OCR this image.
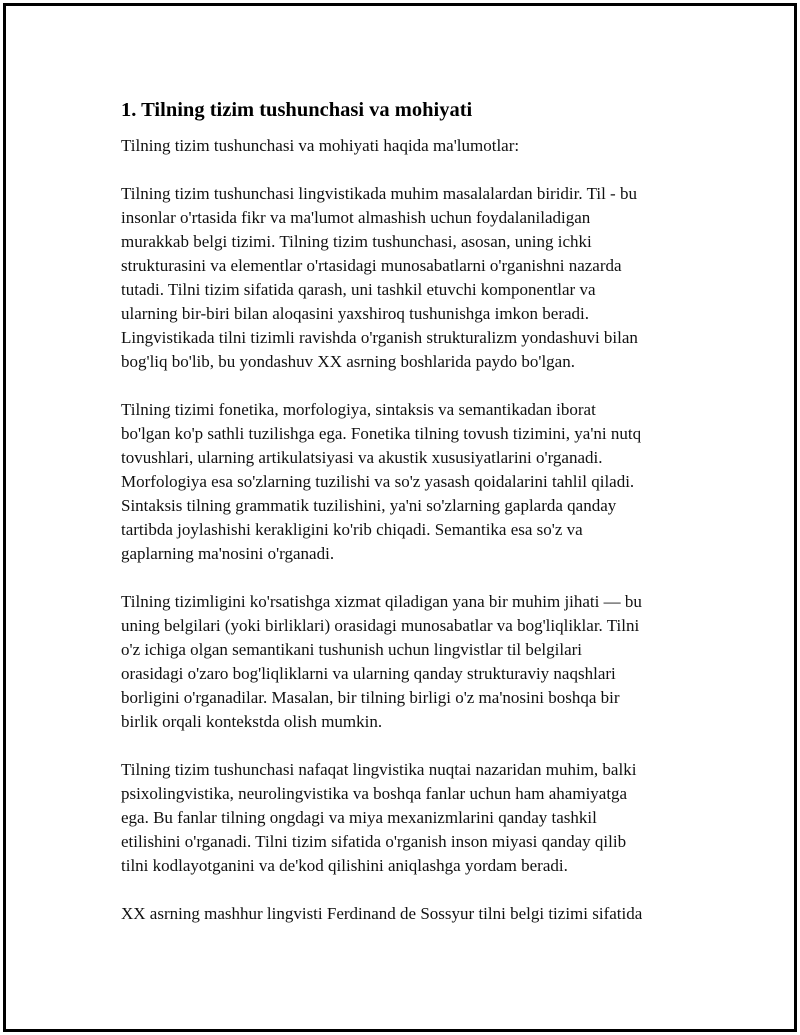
1. Tilning tizim tushunchasi va mohiyati

Tilning tizim tushunchasi va mohiyati haqida ma'lumotlar:

Tilning tizim tushunchasi lingvistikada muhim masalalardan biridir. Til - bu
insonlar o'rtasida fikr va ma'lumot almashish uchun foydalaniladigan
murakkab belgi tizimi. Tilning tizim tushunchasi, asosan, uning ichki
strukturasini va elementlar o'rtasidagi munosabatlarni o'rganishni nazarda
tutadi. Tilni tizim sifatida qarash, uni tashkil etuvchi komponentlar va
ularning bir-biri bilan aloqasini yaxshiroq tushunishga imkon beradi.
Lingvistikada tilni tizimli ravishda o'rganish strukturalizm yondashuvi bilan
bog'liq bo'lib, bu yondashuv XX asrning boshlarida paydo bo'lgan.

Tilning tizimi fonetika, morfologiya, sintaksis va semantikadan iborat
bo'lgan ko'p sathli tuzilishga ega. Fonetika tilning tovush tizimini, ya'ni nutq
tovushlari, ularning artikulatsiyasi va akustik xususiyatlarini o'rganadi.
Morfologiya esa so'zlarning tuzilishi va so'z yasash qoidalarini tahlil qiladi.
Sintaksis tilning grammatik tuzilishini, ya'ni so'zlarning gaplarda qanday
tartibda joylashishi kerakligini ko'rib chiqadi. Semantika esa so'z va
gaplarning ma'nosini o'rganadi.

Tilning tizimligini ko'rsatishga xizmat qiladigan yana bir muhim jihati — bu
uning belgilari (yoki birliklari) orasidagi munosabatlar va bog'liqliklar. Tilni
o'z ichiga olgan semantikani tushunish uchun lingvistlar til belgilari
orasidagi o'zaro bog'liqliklarni va ularning qanday strukturaviy naqshlari
borligini o'rganadilar. Masalan, bir tilning birligi o'z ma'nosini boshqa bir
birlik orqali kontekstda olish mumkin.

Tilning tizim tushunchasi nafaqat lingvistika nuqtai nazaridan muhim, balki
psixolingvistika, neurolingvistika va boshqa fanlar uchun ham ahamiyatga
ega. Bu fanlar tilning ongdagi va miya mexanizmlarini qanday tashkil
etilishini o'rganadi. Tilni tizim sifatida o'rganish inson miyasi qanday qilib
tilni kodlayotganini va de'kod qilishini aniqlashga yordam beradi.

XX asrning mashhur lingvisti Ferdinand de Sossyur tilni belgi tizimi sifatida
